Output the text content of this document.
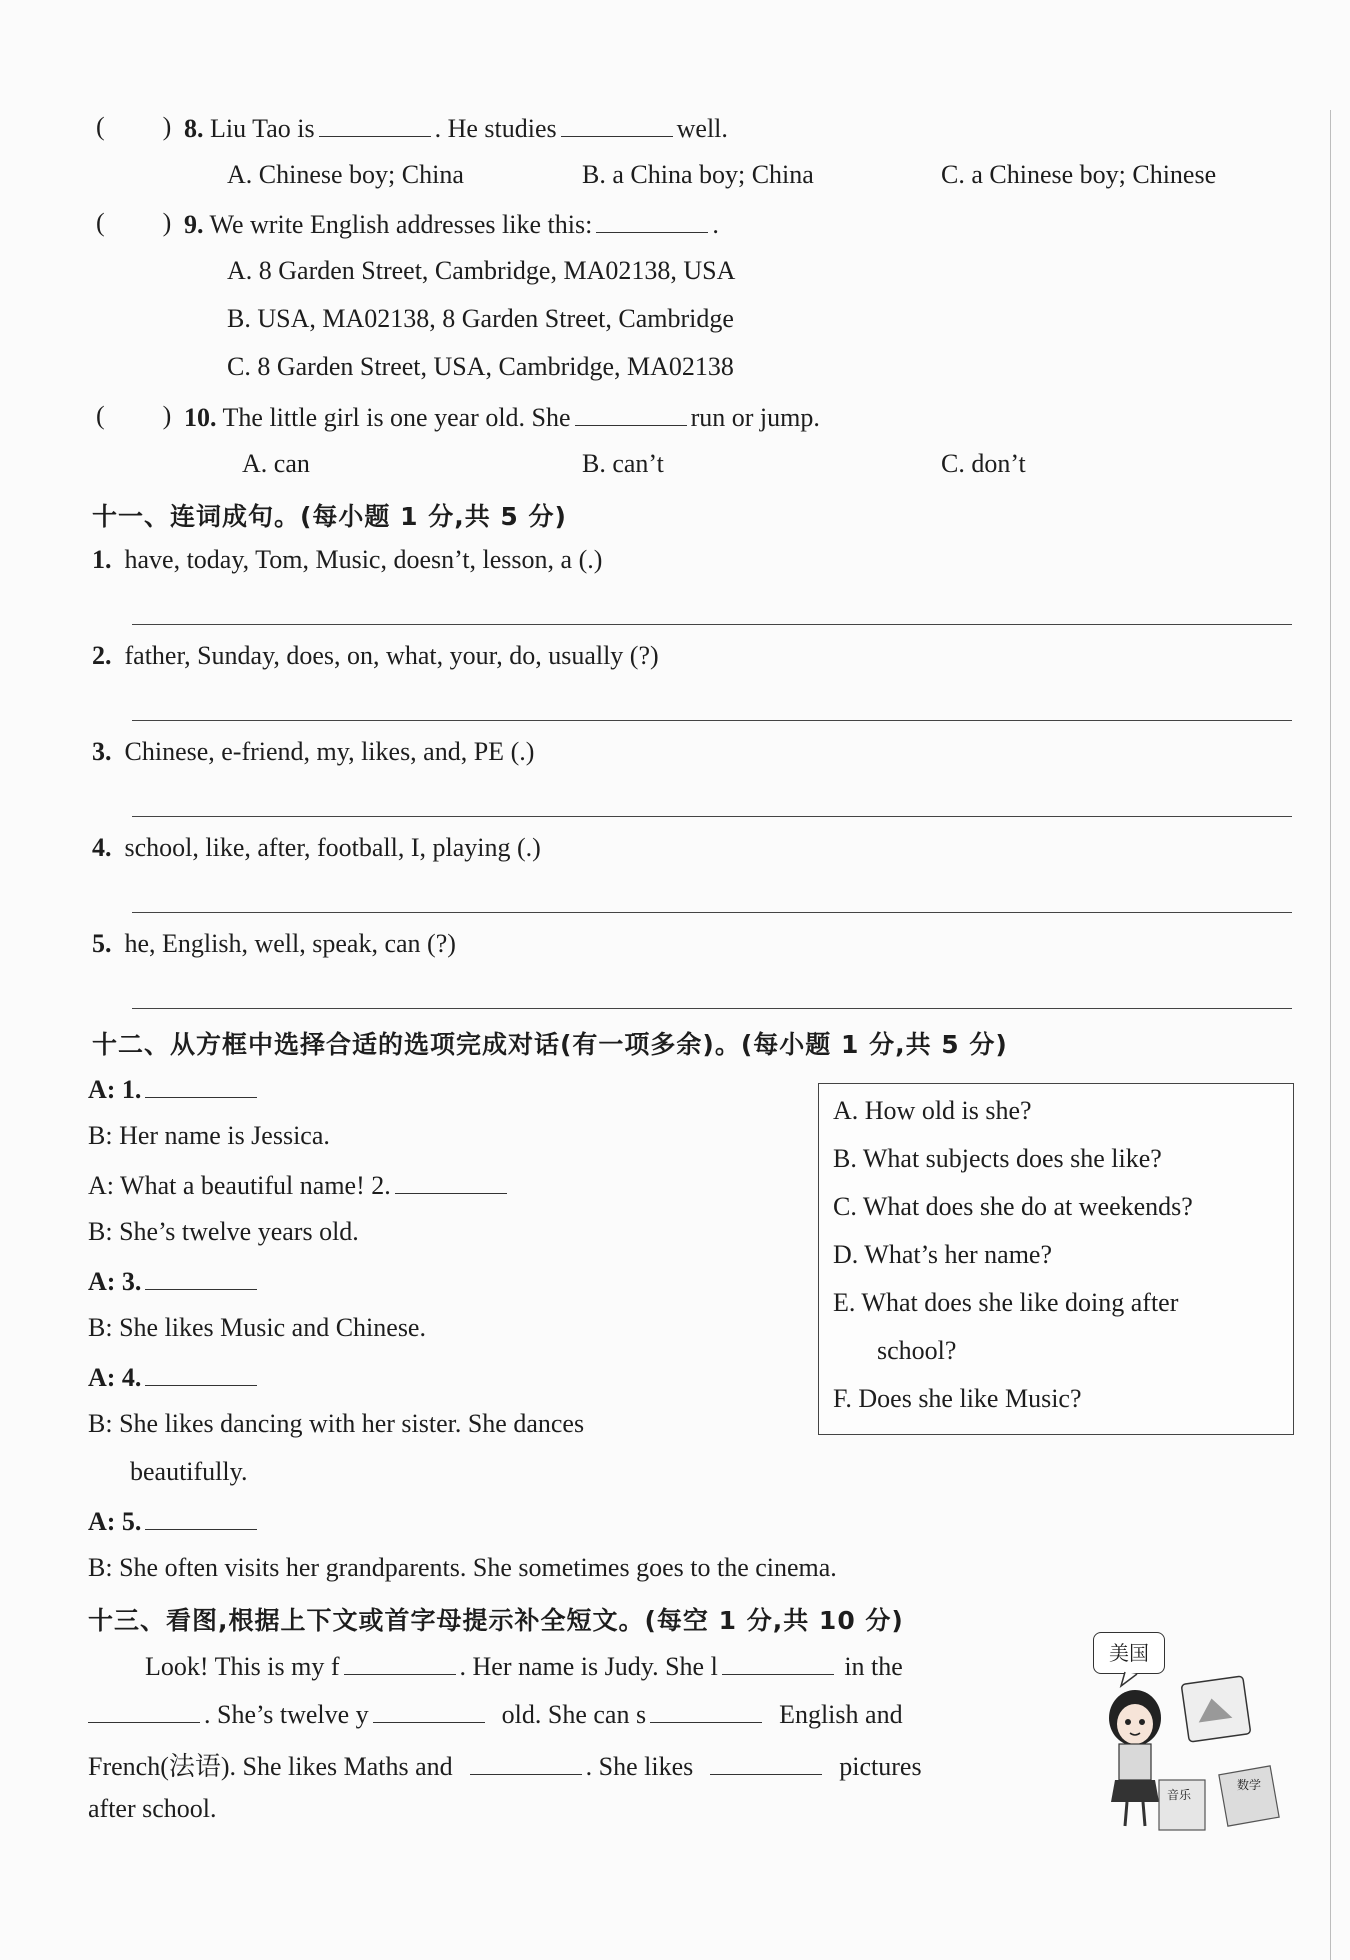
( ) 8. Liu Tao is	. He studies	well.
A. Chinese boy; China	B. a China boy; China	C. a Chinese boy; Chinese
( ) 9. We write English addresses like this:	.
A. 8 Garden Street, Cambridge, MA02138, USA
B. USA, MA02138, 8 Garden Street, Cambridge
C. 8 Garden Street, USA, Cambridge, MA02138
( ) 10. The little girl is one year old. She	run or jump.
A. can	B. can’t	C. don’t
十一、连词成句。(每小题 1 分,共 5 分)
1. have, today, Tom, Music, doesn’t, lesson, a (.)
2. father, Sunday, does, on, what, your, do, usually (?)
3. Chinese, e-friend, my, likes, and, PE (.)
4. school, like, after, football, I, playing (.)
5. he, English, well, speak, can (?)
十二、从方框中选择合适的选项完成对话(有一项多余)。(每小题 1 分,共 5 分)
A: 1.
B: Her name is Jessica.
A: What a beautiful name! 2.
B: She’s twelve years old.
A: 3.
B: She likes Music and Chinese.
A: 4.
B: She likes dancing with her sister. She dances
beautifully.
A: 5.
B: She often visits her grandparents. She sometimes goes to the cinema.
A. How old is she?
B. What subjects does she like?
C. What does she do at weekends?
D. What’s her name?
E. What does she like doing after
school?
F. Does she like Music?
十三、看图,根据上下文或首字母提示补全短文。(每空 1 分,共 10 分)
Look! This is my f	. Her name is Judy. She l	in the
. She’s twelve y	old. She can s	English and
French(法语). She likes Maths and	. She likes	pictures
after school.
美国
音乐
数学
